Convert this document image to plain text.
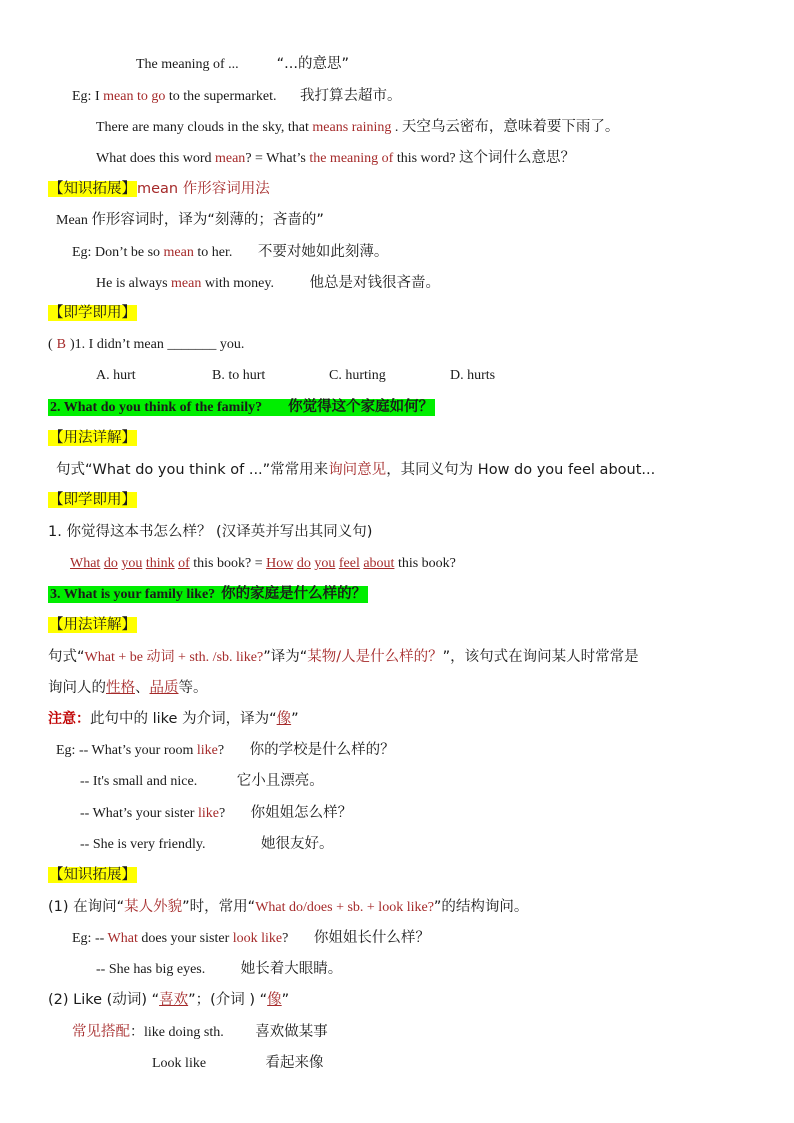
The meaning of ...	“...的意思”
Eg: I mean to go to the supermarket. 我打算去超市。
There are many clouds in the sky, that means raining . 天空乌云密布，意味着要下雨了。
What does this word mean? = What’s the meaning of this word? 这个词什么意思？
【知识拓展】mean 作形容词用法
Mean 作形容词时，译为“刻薄的；吝啬的”
Eg: Don’t be so mean to her. 不要对她如此刻薄。
He is always mean with money. 他总是对钱很吝啬。
【即学即用】
( B )1. I didn’t mean _______ you.
A. hurt	B. to hurt	C. hurting	D. hurts
2. What do you think of the family? 你觉得这个家庭如何？
【用法详解】
句式“What do you think of ...”常常用来询问意见，其同义句为 How do you feel about...
【即学即用】
1. 你觉得这本书怎么样？ (汉译英并写出其同义句)
What do you think of this book? = How do you feel about this book?
3. What is your family like? 你的家庭是什么样的？
【用法详解】
句式“What + be 动词 + sth. /sb. like?”译为“某物/人是什么样的？”，该句式在询问某人时常常是
询问人的性格、品质等。
注意：此句中的 like 为介词，译为“像”
Eg: -- What’s your room like? 你的学校是什么样的？
-- It's small and nice.	它小且漂亮。
-- What’s your sister like? 你姐姐怎么样？
-- She is very friendly.	她很友好。
【知识拓展】
(1) 在询问“某人外貌”时，常用“What do/does + sb. + look like?”的结构询问。
Eg: -- What does your sister look like? 你姐姐长什么样？
-- She has big eyes. 她长着大眼睛。
(2) Like (动词) “喜欢”；(介词 ) “像”
常见搭配：like doing sth. 喜欢做某事
Look like	看起来像
